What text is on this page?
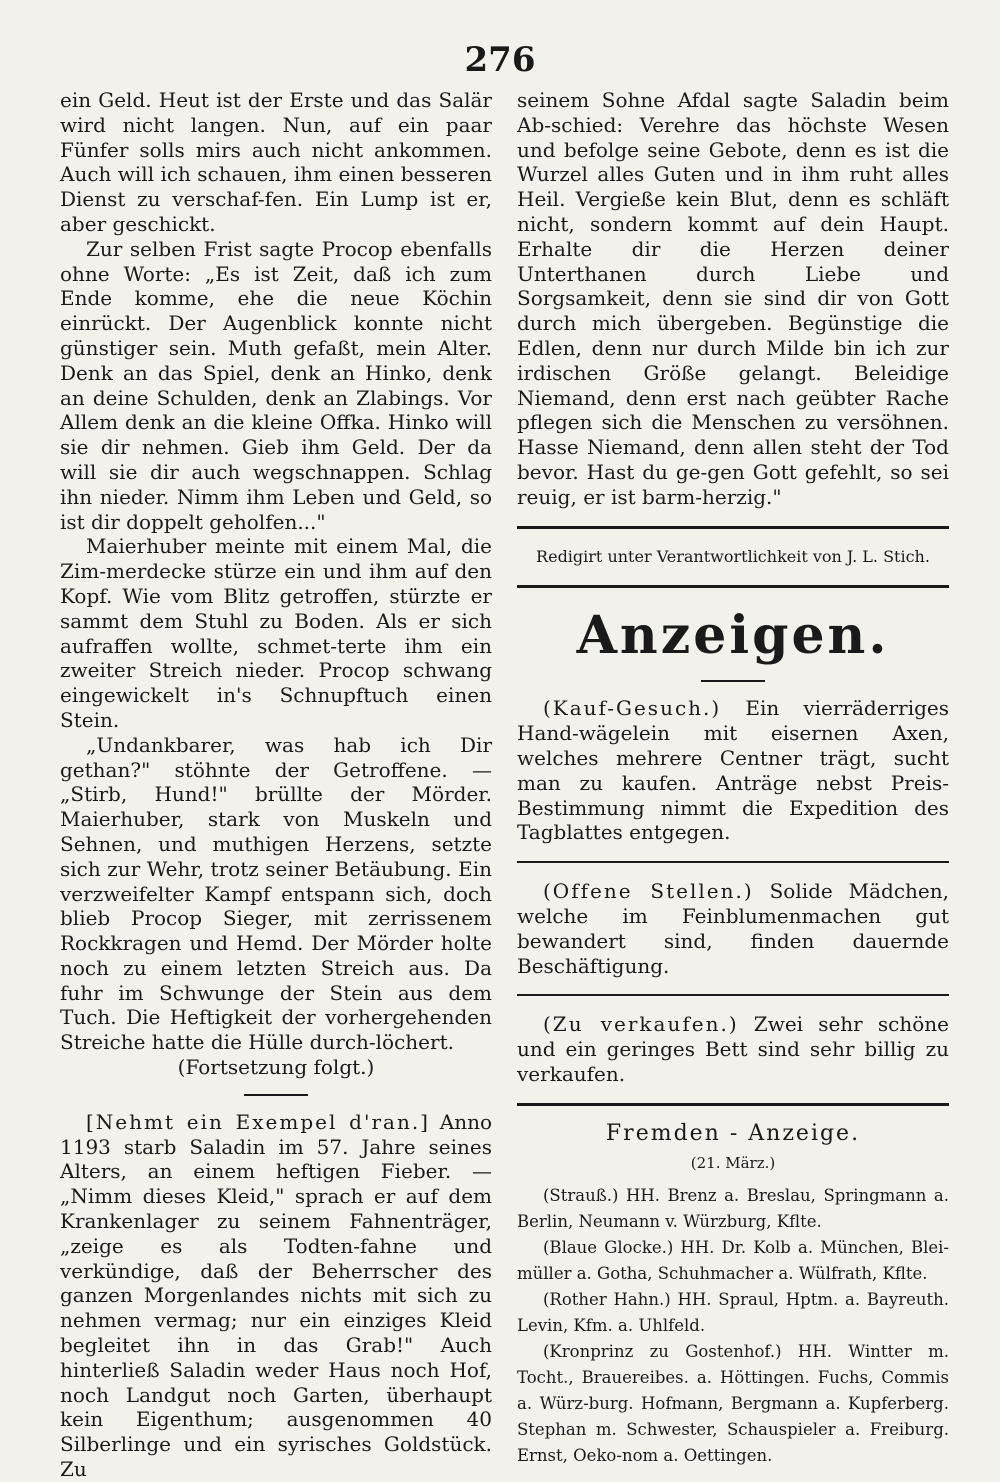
276

ein Geld. Heut ist der Erste und das Salär wird nicht langen. Nun, auf ein paar Fünfer solls mirs auch nicht ankommen. Auch will ich schauen, ihm einen besseren Dienst zu verschaf-fen. Ein Lump ist er, aber geschickt.

Zur selben Frist sagte Procop ebenfalls ohne Worte: „Es ist Zeit, daß ich zum Ende komme, ehe die neue Köchin einrückt. Der Augenblick konnte nicht günstiger sein. Muth gefaßt, mein Alter. Denk an das Spiel, denk an Hinko, denk an deine Schulden, denk an Zlabings. Vor Allem denk an die kleine Offka. Hinko will sie dir nehmen. Gieb ihm Geld. Der da will sie dir auch wegschnappen. Schlag ihn nieder. Nimm ihm Leben und Geld, so ist dir doppelt geholfen..."

Maierhuber meinte mit einem Mal, die Zim-merdecke stürze ein und ihm auf den Kopf. Wie vom Blitz getroffen, stürzte er sammt dem Stuhl zu Boden. Als er sich aufraffen wollte, schmet-terte ihm ein zweiter Streich nieder. Procop schwang eingewickelt in's Schnupftuch einen Stein.

„Undankbarer, was hab ich Dir gethan?" stöhnte der Getroffene. — „Stirb, Hund!" brüllte der Mörder. Maierhuber, stark von Muskeln und Sehnen, und muthigen Herzens, setzte sich zur Wehr, trotz seiner Betäubung. Ein verzweifelter Kampf entspann sich, doch blieb Procop Sieger, mit zerrissenem Rockkragen und Hemd. Der Mörder holte noch zu einem letzten Streich aus. Da fuhr im Schwunge der Stein aus dem Tuch. Die Heftigkeit der vorhergehenden Streiche hatte die Hülle durch-löchert.

(Fortsetzung folgt.)

[Nehmt ein Exempel d'ran.] Anno 1193 starb Saladin im 57. Jahre seines Alters, an einem heftigen Fieber. — „Nimm dieses Kleid," sprach er auf dem Krankenlager zu seinem Fahnenträger, „zeige es als Todten-fahne und verkündige, daß der Beherrscher des ganzen Morgenlandes nichts mit sich zu nehmen vermag; nur ein einziges Kleid begleitet ihn in das Grab!" Auch hinterließ Saladin weder Haus noch Hof, noch Landgut noch Garten, überhaupt kein Eigenthum; ausgenommen 40 Silberlinge und ein syrisches Goldstück. Zu

seinem Sohne Afdal sagte Saladin beim Ab-schied: Verehre das höchste Wesen und befolge seine Gebote, denn es ist die Wurzel alles Guten und in ihm ruht alles Heil. Vergieße kein Blut, denn es schläft nicht, sondern kommt auf dein Haupt. Erhalte dir die Herzen deiner Unterthanen durch Liebe und Sorgsamkeit, denn sie sind dir von Gott durch mich übergeben. Begünstige die Edlen, denn nur durch Milde bin ich zur irdischen Größe gelangt. Beleidige Niemand, denn erst nach geübter Rache pflegen sich die Menschen zu versöhnen. Hasse Niemand, denn allen steht der Tod bevor. Hast du ge-gen Gott gefehlt, so sei reuig, er ist barm-herzig."

Redigirt unter Verantwortlichkeit von J. L. Stich.

Anzeigen.

(Kauf-Gesuch.) Ein vierräderriges Hand-wägelein mit eisernen Axen, welches mehrere Centner trägt, sucht man zu kaufen. Anträge nebst Preis-Bestimmung nimmt die Expedition des Tagblattes entgegen.

(Offene Stellen.) Solide Mädchen, welche im Feinblumenmachen gut bewandert sind, finden dauernde Beschäftigung.

(Zu verkaufen.) Zwei sehr schöne und ein geringes Bett sind sehr billig zu verkaufen.

Fremden - Anzeige.
(21. März.)

(Strauß.) HH. Brenz a. Breslau, Springmann a. Berlin, Neumann v. Würzburg, Kflte.

(Blaue Glocke.) HH. Dr. Kolb a. München, Blei-müller a. Gotha, Schuhmacher a. Wülfrath, Kflte.

(Rother Hahn.) HH. Spraul, Hptm. a. Bayreuth. Levin, Kfm. a. Uhlfeld.

(Kronprinz zu Gostenhof.) HH. Wintter m. Tocht., Brauereibes. a. Höttingen. Fuchs, Commis a. Würz-burg. Hofmann, Bergmann a. Kupferberg. Stephan m. Schwester, Schauspieler a. Freiburg. Ernst, Oeko-nom a. Oettingen.
